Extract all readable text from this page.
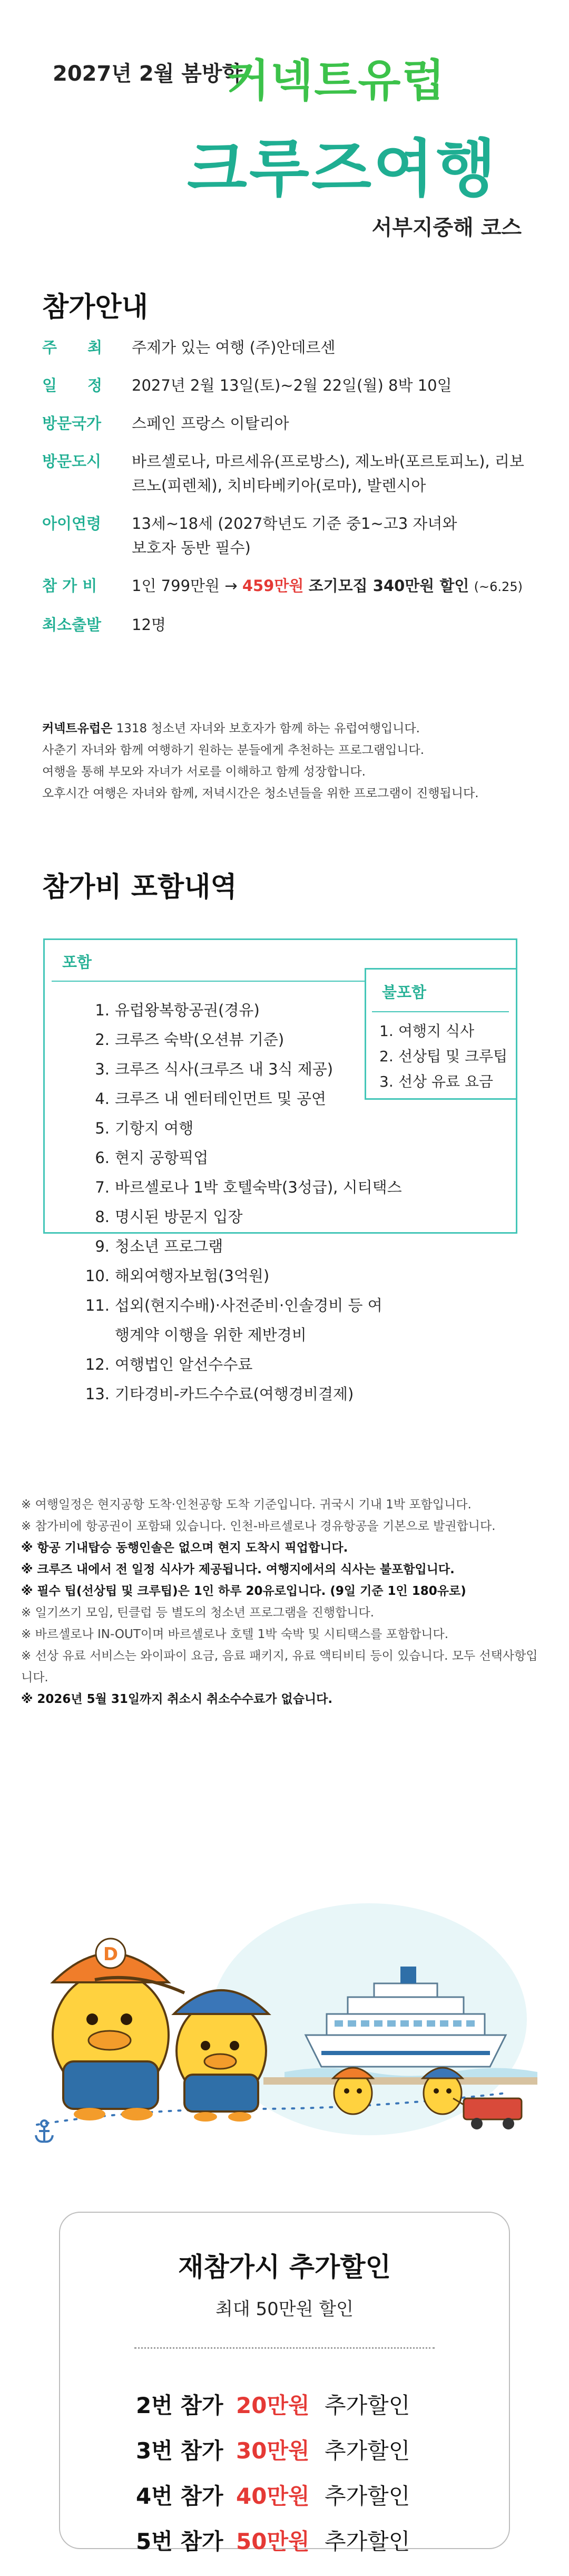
2027년 2월 봄방학
커넥트유럽
크루즈여행
서부지중해 코스
참가안내
주　　최	주제가 있는 여행 (주)안데르센
일　　정	2027년 2월 13일(토)~2월 22일(월) 8박 10일
방문국가	스페인 프랑스 이탈리아
방문도시	바르셀로나, 마르세유(프로방스), 제노바(포르토피노), 리보르노(피렌체), 치비타베키아(로마), 발렌시아
아이연령	13세~18세 (2027학년도 기준 중1~고3 자녀와 보호자 동반 필수)
참 가 비	1인 799만원 → 459만원 조기모집 340만원 할인 (~6.25)
최소출발	12명
커넥트유럽은 1318 청소년 자녀와 보호자가 함께 하는 유럽여행입니다.
사춘기 자녀와 함께 여행하기 원하는 분들에게 추천하는 프로그램입니다.
여행을 통해 부모와 자녀가 서로를 이해하고 함께 성장합니다.
오후시간 여행은 자녀와 함께, 저녁시간은 청소년들을 위한 프로그램이 진행됩니다.
참가비 포함내역
포함
1. 유럽왕복항공권(경유)
2. 크루즈 숙박(오션뷰 기준)
3. 크루즈 식사(크루즈 내 3식 제공)
4. 크루즈 내 엔터테인먼트 및 공연
5. 기항지 여행
6. 현지 공항픽업
7. 바르셀로나 1박 호텔숙박(3성급), 시티택스
8. 명시된 방문지 입장
9. 청소년 프로그램
10. 해외여행자보험(3억원)
11. 섭외(현지수배)·사전준비·인솔경비 등 여행계약 이행을 위한 제반경비
12. 여행법인 알선수수료
13. 기타경비-카드수수료(여행경비결제)
불포함
1. 여행지 식사
2. 선상팁 및 크루팁
3. 선상 유료 요금
※ 여행일정은 현지공항 도착·인천공항 도착 기준입니다. 귀국시 기내 1박 포함입니다.
※ 참가비에 항공권이 포함돼 있습니다. 인천-바르셀로나 경유항공을 기본으로 발권합니다.
※ 항공 기내탑승 동행인솔은 없으며 현지 도착시 픽업합니다.
※ 크루즈 내에서 전 일정 식사가 제공됩니다. 여행지에서의 식사는 불포함입니다.
※ 필수 팁(선상팁 및 크루팁)은 1인 하루 20유로입니다. (9일 기준 1인 180유로)
※ 일기쓰기 모임, 틴클럽 등 별도의 청소년 프로그램을 진행합니다.
※ 바르셀로나 IN-OUT이며 바르셀로나 호텔 1박 숙박 및 시티택스를 포함합니다.
※ 선상 유료 서비스는 와이파이 요금, 음료 패키지, 유료 액티비티 등이 있습니다. 모두 선택사항입니다.
※ 2026년 5월 31일까지 취소시 취소수수료가 없습니다.
D
재참가시 추가할인
최대 50만원 할인
2번 참가 20만원 추가할인
3번 참가 30만원 추가할인
4번 참가 40만원 추가할인
5번 참가 50만원 추가할인
